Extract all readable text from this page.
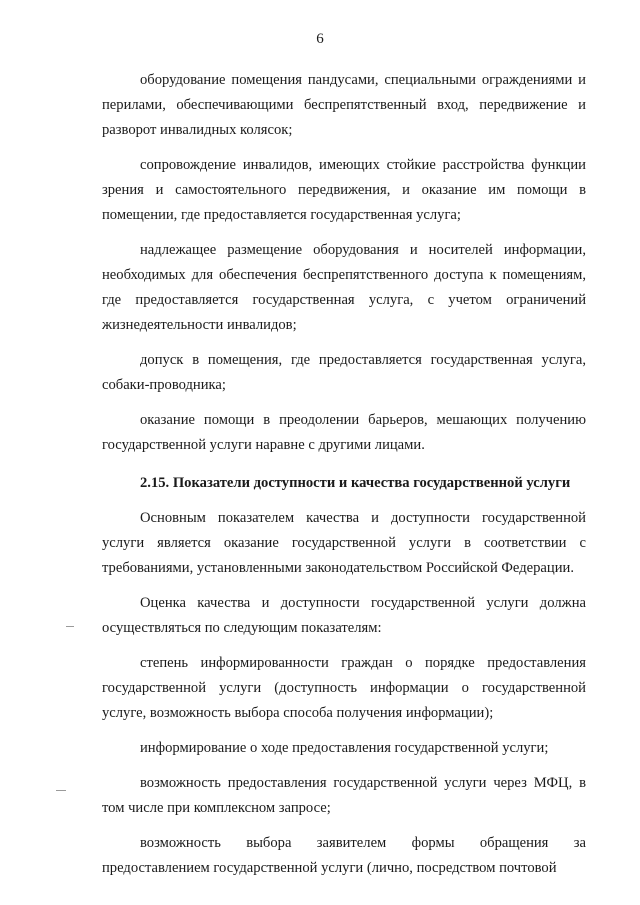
6

оборудование помещения пандусами, специальными ограждениями и перилами, обеспечивающими беспрепятственный вход, передвижение и разворот инвалидных колясок;

сопровождение инвалидов, имеющих стойкие расстройства функции зрения и самостоятельного передвижения, и оказание им помощи в помещении, где предоставляется государственная услуга;

надлежащее размещение оборудования и носителей информации, необходимых для обеспечения беспрепятственного доступа к помещениям, где предоставляется государственная услуга, с учетом ограничений жизнедеятельности инвалидов;

допуск в помещения, где предоставляется государственная услуга, собаки-проводника;

оказание помощи в преодолении барьеров, мешающих получению государственной услуги наравне с другими лицами.

2.15. Показатели доступности и качества государственной услуги

Основным показателем качества и доступности государственной услуги является оказание государственной услуги в соответствии с требованиями, установленными законодательством Российской Федерации.

Оценка качества и доступности государственной услуги должна осуществляться по следующим показателям:

степень информированности граждан о порядке предоставления государственной услуги (доступность информации о государственной услуге, возможность выбора способа получения информации);

информирование о ходе предоставления государственной услуги;

возможность предоставления государственной услуги через МФЦ, в том числе при комплексном запросе;

возможность выбора заявителем формы обращения за предоставлением государственной услуги (лично, посредством почтовой
